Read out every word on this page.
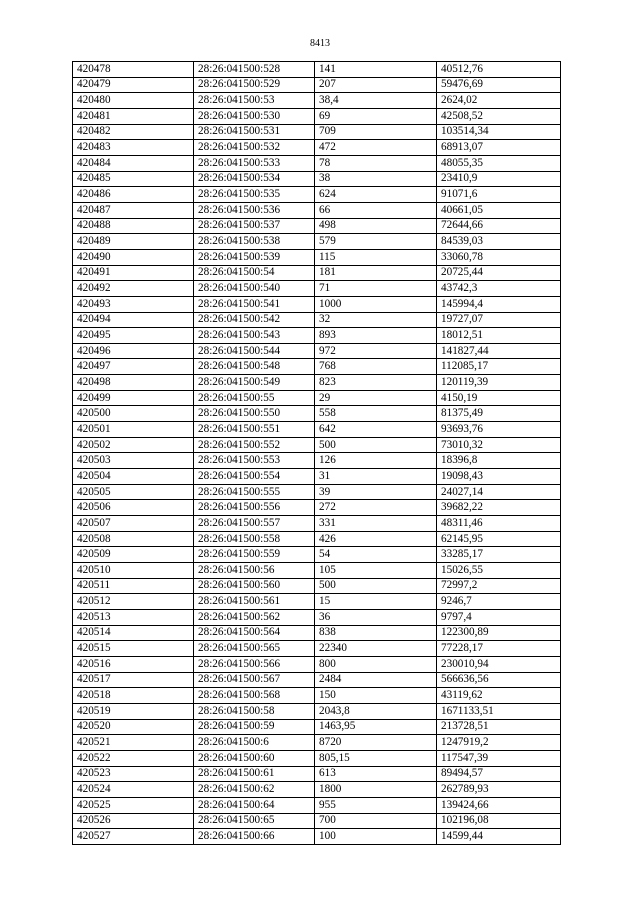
8413
420478	28:26:041500:528	141	40512,76
420479	28:26:041500:529	207	59476,69
420480	28:26:041500:53	38,4	2624,02
420481	28:26:041500:530	69	42508,52
420482	28:26:041500:531	709	103514,34
420483	28:26:041500:532	472	68913,07
420484	28:26:041500:533	78	48055,35
420485	28:26:041500:534	38	23410,9
420486	28:26:041500:535	624	91071,6
420487	28:26:041500:536	66	40661,05
420488	28:26:041500:537	498	72644,66
420489	28:26:041500:538	579	84539,03
420490	28:26:041500:539	115	33060,78
420491	28:26:041500:54	181	20725,44
420492	28:26:041500:540	71	43742,3
420493	28:26:041500:541	1000	145994,4
420494	28:26:041500:542	32	19727,07
420495	28:26:041500:543	893	18012,51
420496	28:26:041500:544	972	141827,44
420497	28:26:041500:548	768	112085,17
420498	28:26:041500:549	823	120119,39
420499	28:26:041500:55	29	4150,19
420500	28:26:041500:550	558	81375,49
420501	28:26:041500:551	642	93693,76
420502	28:26:041500:552	500	73010,32
420503	28:26:041500:553	126	18396,8
420504	28:26:041500:554	31	19098,43
420505	28:26:041500:555	39	24027,14
420506	28:26:041500:556	272	39682,22
420507	28:26:041500:557	331	48311,46
420508	28:26:041500:558	426	62145,95
420509	28:26:041500:559	54	33285,17
420510	28:26:041500:56	105	15026,55
420511	28:26:041500:560	500	72997,2
420512	28:26:041500:561	15	9246,7
420513	28:26:041500:562	36	9797,4
420514	28:26:041500:564	838	122300,89
420515	28:26:041500:565	22340	77228,17
420516	28:26:041500:566	800	230010,94
420517	28:26:041500:567	2484	566636,56
420518	28:26:041500:568	150	43119,62
420519	28:26:041500:58	2043,8	1671133,51
420520	28:26:041500:59	1463,95	213728,51
420521	28:26:041500:6	8720	1247919,2
420522	28:26:041500:60	805,15	117547,39
420523	28:26:041500:61	613	89494,57
420524	28:26:041500:62	1800	262789,93
420525	28:26:041500:64	955	139424,66
420526	28:26:041500:65	700	102196,08
420527	28:26:041500:66	100	14599,44
